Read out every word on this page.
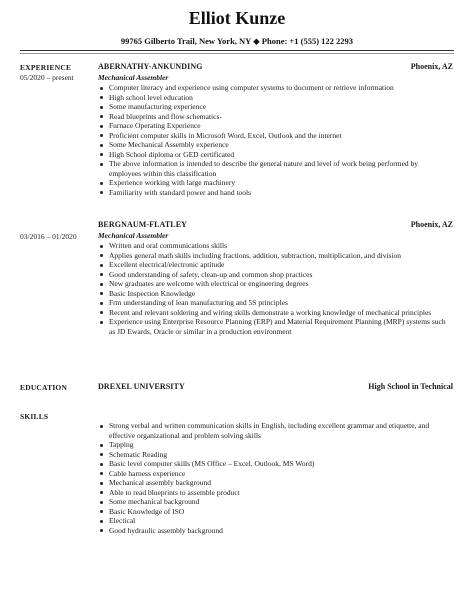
Elliot Kunze
99765 Gilberto Trail, New York, NY ◆ Phone: +1 (555) 122 2293
EXPERIENCE
05/2020 – present
ABERNATHY-ANKUNDING	Phoenix, AZ
Mechanical Assembler
Computer literacy and experience using computer systems to document or retrieve information
High school level education
Some manufacturing experience
Read blueprints and flow schematics-
Furnace Operating Experience
Proficient computer skills in Microsoft Word, Excel, Outlook and the internet
Some Mechanical Assembly experience
High School diploma or GED certificated
The above information is intended to describe the general nature and level of work being performed by employees within this classification
Experience working with large machinery
Familiarity with standard power and hand tools
03/2016 – 01/2020
BERGNAUM-FLATLEY	Phoenix, AZ
Mechanical Assembler
Written and oral communications skills
Applies general math skills including fractions, addition, subtraction, multiplication, and division
Excellent electrical/electronic aptitude
Good understanding of safety, clean-up and common shop practices
New graduates are welcome with electrical or engineering degrees
Basic Inspection Knowledge
Frm understanding of lean manufacturing and 5S principles
Recent and relevant soldering and wiring skills demonstrate a working knowledge of mechanical principles
Experience using Enterprise Resource Planning (ERP) and Material Requirement Planning (MRP) systems such as JD Ewards, Oracle or similar in a production environment
EDUCATION	DREXEL UNIVERSITY	High School in Technical
SKILLS
Strong verbal and written communication skills in English, including excellent grammar and etiquette, and effective organizational and problem solving skills
Tapping
Schematic Reading
Basic level computer skills (MS Office – Excel, Outlook, MS Word)
Cable harness experience
Mechanical assembly background
Able to read blueprints to assemble product
Some mechanical background
Basic Knowledge of ISO
Electical
Good hydraulic assembly background
